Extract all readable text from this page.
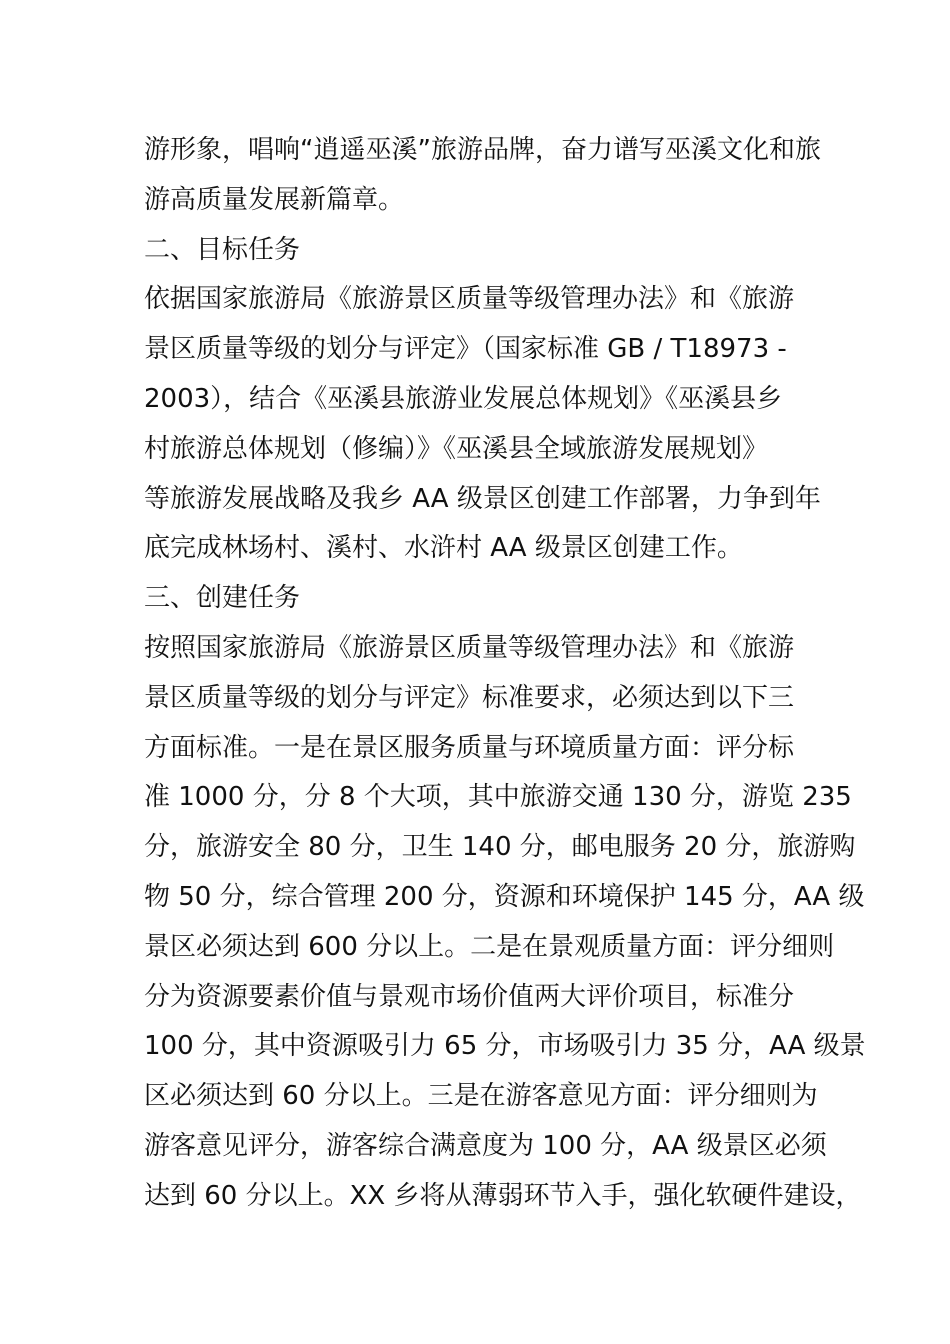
游形象，唱响“逍遥巫溪”旅游品牌，奋力谱写巫溪文化和旅

游高质量发展新篇章。

二、目标任务

依据国家旅游局《旅游景区质量等级管理办法》和《旅游

景区质量等级的划分与评定》（国家标准 GB / T18973 -

2003），结合《巫溪县旅游业发展总体规划》《巫溪县乡

村旅游总体规划（修编）》《巫溪县全域旅游发展规划》

等旅游发展战略及我乡 AA 级景区创建工作部署，力争到年

底完成林场村、溪村、水浒村 AA 级景区创建工作。

三、创建任务

按照国家旅游局《旅游景区质量等级管理办法》和《旅游

景区质量等级的划分与评定》标准要求，必须达到以下三

方面标准。一是在景区服务质量与环境质量方面：评分标

准 1000 分，分 8 个大项，其中旅游交通 130 分，游览 235

分，旅游安全 80 分，卫生 140 分，邮电服务 20 分，旅游购

物 50 分，综合管理 200 分，资源和环境保护 145 分，AA 级

景区必须达到 600 分以上。二是在景观质量方面：评分细则

分为资源要素价值与景观市场价值两大评价项目，标准分

100 分，其中资源吸引力 65 分，市场吸引力 35 分，AA 级景

区必须达到 60 分以上。三是在游客意见方面：评分细则为

游客意见评分，游客综合满意度为 100 分，AA 级景区必须

达到 60 分以上。XX 乡将从薄弱环节入手，强化软硬件建设，
